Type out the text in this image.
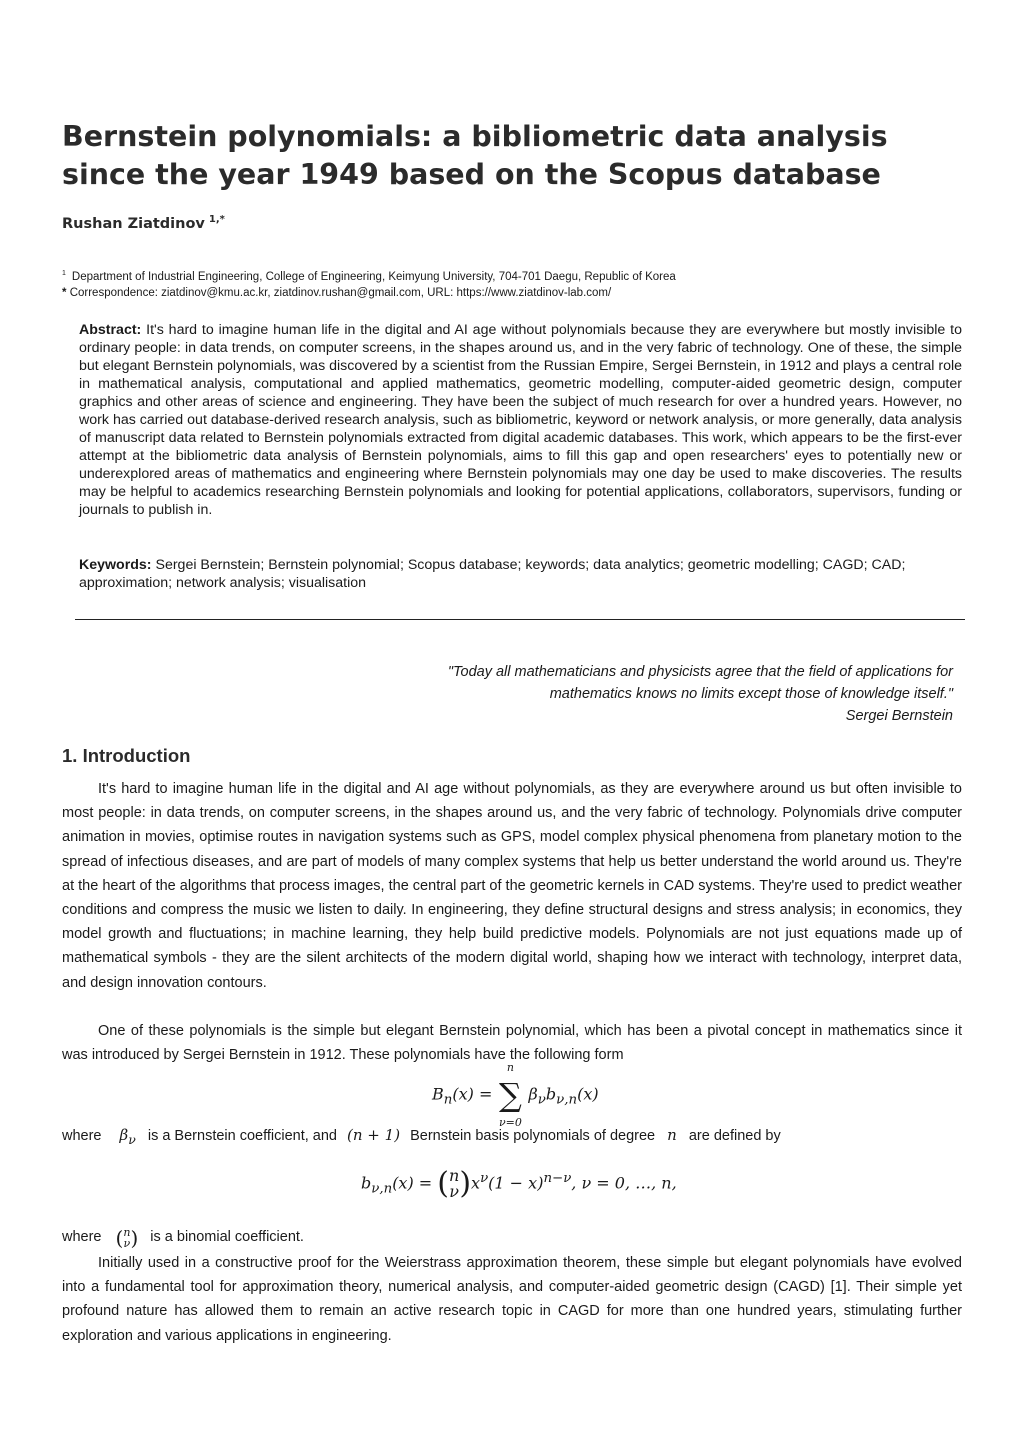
Bernstein polynomials: a bibliometric data analysis since the year 1949 based on the Scopus database
Rushan Ziatdinov $^{1,*}$
$^1$ Department of Industrial Engineering, College of Engineering, Keimyung University, 704-701 Daegu, Republic of Korea
* Correspondence: ziatdinov@kmu.ac.kr, ziatdinov.rushan@gmail.com, URL: https://www.ziatdinov-lab.com/

Abstract: It's hard to imagine human life in the digital and AI age without polynomials because they are everywhere but mostly invisible to ordinary people: in data trends, on computer screens, in the shapes around us, and in the very fabric of technology. One of these, the simple but elegant Bernstein polynomials, was discovered by a scientist from the Russian Empire, Sergei Bernstein, in 1912 and plays a central role in mathematical analysis, computational and applied mathematics, geometric modelling, computer-aided geometric design, computer graphics and other areas of science and engineering. They have been the subject of much research for over a hundred years. However, no work has carried out database-derived research analysis, such as bibliometric, keyword or network analysis, or more generally, data analysis of manuscript data related to Bernstein polynomials extracted from digital academic databases. This work, which appears to be the first-ever attempt at the bibliometric data analysis of Bernstein polynomials, aims to fill this gap and open researchers' eyes to potentially new or underexplored areas of mathematics and engineering where Bernstein polynomials may one day be used to make discoveries. The results may be helpful to academics researching Bernstein polynomials and looking for potential applications, collaborators, supervisors, funding or journals to publish in.

Keywords: Sergei Bernstein; Bernstein polynomial; Scopus database; keywords; data analytics; geometric modelling; CAGD; CAD; approximation; network analysis; visualisation

"Today all mathematicians and physicists agree that the field of applications for
mathematics knows no limits except those of knowledge itself."
Sergei Bernstein
1. Introduction

It's hard to imagine human life in the digital and AI age without polynomials, as they are everywhere around us but often invisible to most people: in data trends, on computer screens, in the shapes around us, and the very fabric of technology. Polynomials drive computer animation in movies, optimise routes in navigation systems such as GPS, model complex physical phenomena from planetary motion to the spread of infectious diseases, and are part of models of many complex systems that help us better understand the world around us. They're at the heart of the algorithms that process images, the central part of the geometric kernels in CAD systems. They're used to predict weather conditions and compress the music we listen to daily. In engineering, they define structural designs and stress analysis; in economics, they model growth and fluctuations; in machine learning, they help build predictive models. Polynomials are not just equations made up of mathematical symbols - they are the silent architects of the modern digital world, shaping how we interact with technology, interpret data, and design innovation contours.

One of these polynomials is the simple but elegant Bernstein polynomial, which has been a pivotal concept in mathematics since it was introduced by Sergei Bernstein in 1912. These polynomials have the following form

$B_n(x)$ =
n
∑
ν=0
$\beta_\nu b_{\nu,n}(x)$
where $\beta_\nu$ is a Bernstein coefficient, and (n + 1) Bernstein basis polynomials of degree n are defined by
$b_{\nu,n}(x) = (n$
$\nu)x^\nu(1 - x)^{n-\nu}$, ν = 0, …, n,
where (n
ν) is a binomial coefficient.

Initially used in a constructive proof for the Weierstrass approximation theorem, these simple but elegant polynomials have evolved into a fundamental tool for approximation theory, numerical analysis, and computer-aided geometric design (CAGD) [1]. Their simple yet profound nature has allowed them to remain an active research topic in CAGD for more than one hundred years, stimulating further exploration and various applications in engineering.
